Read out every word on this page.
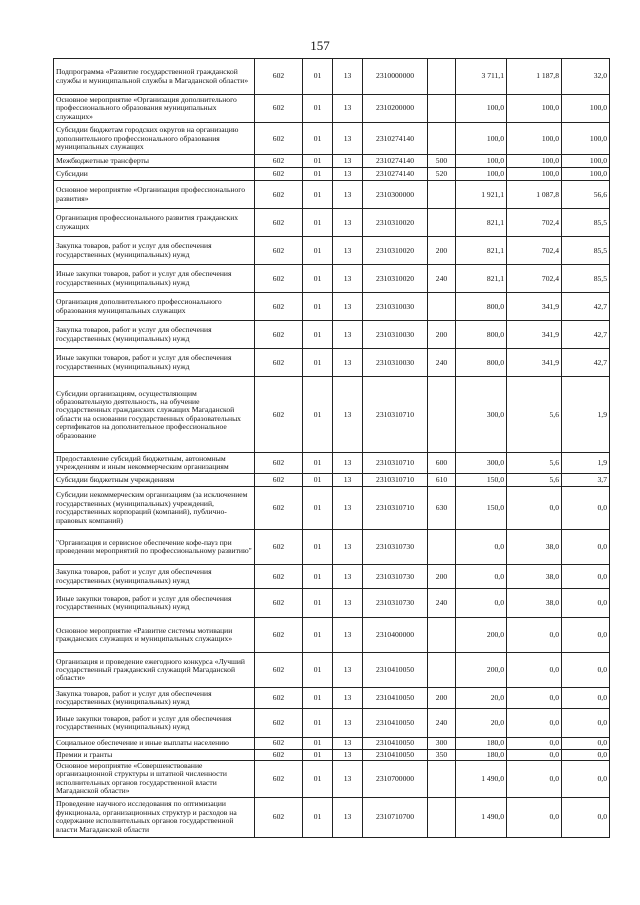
157
Подпрограмма «Развитие государственной гражданской службы и муниципальной службы в Магаданской области»	602	01	13	2310000000		3 711,1	1 187,8	32,0
Основное мероприятие «Организация дополнительного профессионального образования муниципальных служащих»	602	01	13	2310200000		100,0	100,0	100,0
Субсидии бюджетам городских округов на организацию дополнительного профессионального образования муниципальных служащих	602	01	13	2310274140		100,0	100,0	100,0
Межбюджетные трансферты	602	01	13	2310274140	500	100,0	100,0	100,0
Субсидии	602	01	13	2310274140	520	100,0	100,0	100,0
Основное мероприятие «Организация профессионального развития»	602	01	13	2310300000		1 921,1	1 087,8	56,6
Организация профессионального развития гражданских служащих	602	01	13	2310310020		821,1	702,4	85,5
Закупка товаров, работ и услуг для обеспечения государственных (муниципальных) нужд	602	01	13	2310310020	200	821,1	702,4	85,5
Иные закупки товаров, работ и услуг для обеспечения государственных (муниципальных) нужд	602	01	13	2310310020	240	821,1	702,4	85,5
Организация дополнительного профессионального образования муниципальных служащих	602	01	13	2310310030		800,0	341,9	42,7
Закупка товаров, работ и услуг для обеспечения государственных (муниципальных) нужд	602	01	13	2310310030	200	800,0	341,9	42,7
Иные закупки товаров, работ и услуг для обеспечения государственных (муниципальных) нужд	602	01	13	2310310030	240	800,0	341,9	42,7
Субсидии организациям, осуществляющим образовательную деятельность, на обучение государственных гражданских служащих Магаданской области на основании государственных образовательных сертификатов на дополнительное профессиональное образование	602	01	13	2310310710		300,0	5,6	1,9
Предоставление субсидий бюджетным, автономным учреждениям и иным некоммерческим организациям	602	01	13	2310310710	600	300,0	5,6	1,9
Субсидии бюджетным учреждениям	602	01	13	2310310710	610	150,0	5,6	3,7
Субсидии некоммерческим организациям (за исключением государственных (муниципальных) учреждений, государственных корпораций (компаний), публично-правовых компаний)	602	01	13	2310310710	630	150,0	0,0	0,0
"Организация и сервисное обеспечение кофе-пауз при проведении мероприятий по профессиональному развитию"	602	01	13	2310310730		0,0	38,0	0,0
Закупка товаров, работ и услуг для обеспечения государственных (муниципальных) нужд	602	01	13	2310310730	200	0,0	38,0	0,0
Иные закупки товаров, работ и услуг для обеспечения государственных (муниципальных) нужд	602	01	13	2310310730	240	0,0	38,0	0,0
Основное мероприятие «Развитие системы мотивации гражданских служащих и муниципальных служащих»	602	01	13	2310400000		200,0	0,0	0,0
Организация и проведение ежегодного конкурса «Лучший государственный гражданский служащий Магаданской области»	602	01	13	2310410050		200,0	0,0	0,0
Закупка товаров, работ и услуг для обеспечения государственных (муниципальных) нужд	602	01	13	2310410050	200	20,0	0,0	0,0
Иные закупки товаров, работ и услуг для обеспечения государственных (муниципальных) нужд	602	01	13	2310410050	240	20,0	0,0	0,0
Социальное обеспечение и иные выплаты населению	602	01	13	2310410050	300	180,0	0,0	0,0
Премии и гранты	602	01	13	2310410050	350	180,0	0,0	0,0
Основное мероприятие «Совершенствование организационной структуры и штатной численности исполнительных органов государственной власти Магаданской области»	602	01	13	2310700000		1 490,0	0,0	0,0
Проведение научного исследования по оптимизации функционала, организационных структур и расходов на содержание исполнительных органов государственной власти Магаданской области	602	01	13	2310710700		1 490,0	0,0	0,0
